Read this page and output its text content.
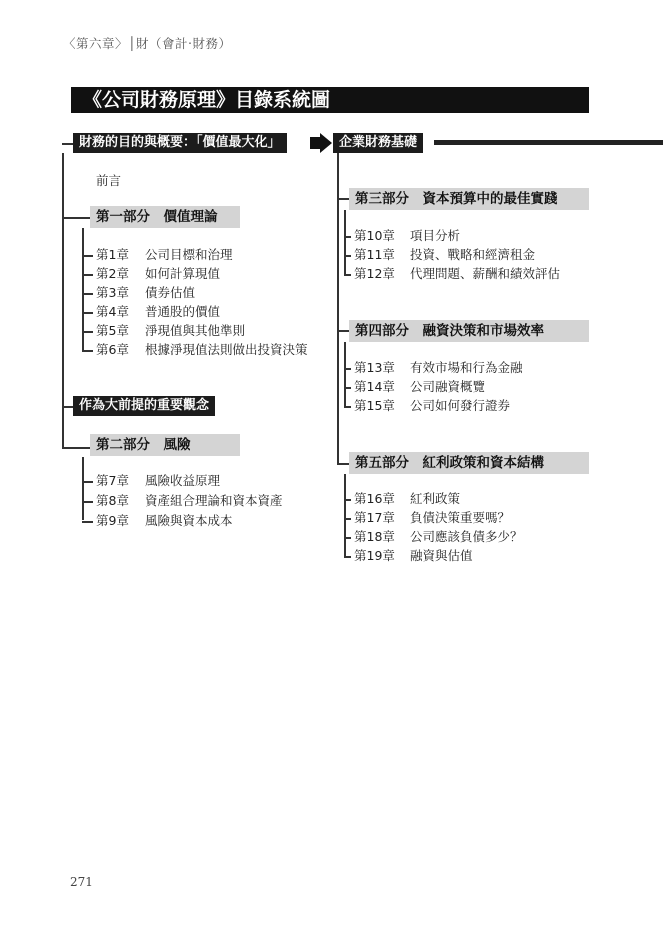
〈第六章〉│財（會計‧財務）
《公司財務原理》目錄系統圖
財務的目的與概要：「價值最大化」
前言
第一部分　價值理論
第1章 公司目標和治理
第2章 如何計算現值
第3章 債券估值
第4章 普通股的價值
第5章 淨現值與其他準則
第6章 根據淨現值法則做出投資決策
作為大前提的重要觀念
第二部分　風險
第7章 風險收益原理
第8章 資產組合理論和資本資產
第9章 風險與資本成本
企業財務基礎
第三部分　資本預算中的最佳實踐
第10章 項目分析
第11章 投資、戰略和經濟租金
第12章 代理問題、薪酬和績效評估
第四部分　融資決策和市場效率
第13章 有效市場和行為金融
第14章 公司融資概覽
第15章 公司如何發行證券
第五部分　紅利政策和資本結構
第16章 紅利政策
第17章 負債決策重要嗎？
第18章 公司應該負債多少？
第19章 融資與估值
271
